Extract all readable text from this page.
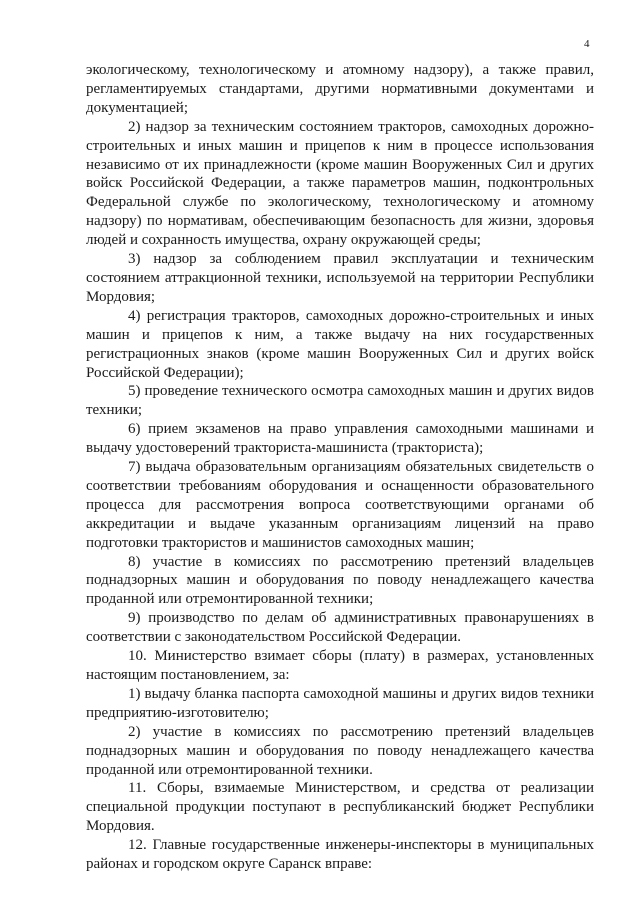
4

экологическому, технологическому и атомному надзору), а также правил, регламентируемых стандартами, другими нормативными документами и документацией;

2) надзор за техническим состоянием тракторов, самоходных дорожно-строительных и иных машин и прицепов к ним в процессе использования независимо от их принадлежности (кроме машин Вооруженных Сил и других войск Российской Федерации, а также параметров машин, подконтрольных Федеральной службе по экологическому, технологическому и атомному надзору) по нормативам, обеспечивающим безопасность для жизни, здоровья людей и сохранность имущества, охрану окружающей среды;

3) надзор за соблюдением правил эксплуатации и техническим состоянием аттракционной техники, используемой на территории Республики Мордовия;

4) регистрация тракторов, самоходных дорожно-строительных и иных машин и прицепов к ним, а также выдачу на них государственных регистрационных знаков (кроме машин Вооруженных Сил и других войск Российской Федерации);

5) проведение технического осмотра самоходных машин и других видов техники;

6) прием экзаменов на право управления самоходными машинами и выдачу удостоверений тракториста-машиниста (тракториста);

7) выдача образовательным организациям обязательных свидетельств о соответствии требованиям оборудования и оснащенности образовательного процесса для рассмотрения вопроса соответствующими органами об аккредитации и выдаче указанным организациям лицензий на право подготовки трактористов и машинистов самоходных машин;

8) участие в комиссиях по рассмотрению претензий владельцев поднадзорных машин и оборудования по поводу ненадлежащего качества проданной или отремонтированной техники;

9) производство по делам об административных правонарушениях в соответствии с законодательством Российской Федерации.

10. Министерство взимает сборы (плату) в размерах, установленных настоящим постановлением, за:

1) выдачу бланка паспорта самоходной машины и других видов техники предприятию-изготовителю;

2) участие в комиссиях по рассмотрению претензий владельцев поднадзорных машин и оборудования по поводу ненадлежащего качества проданной или отремонтированной техники.

11. Сборы, взимаемые Министерством, и средства от реализации специальной продукции поступают в республиканский бюджет Республики Мордовия.

12. Главные государственные инженеры-инспекторы в муниципальных районах и городском округе Саранск вправе:
